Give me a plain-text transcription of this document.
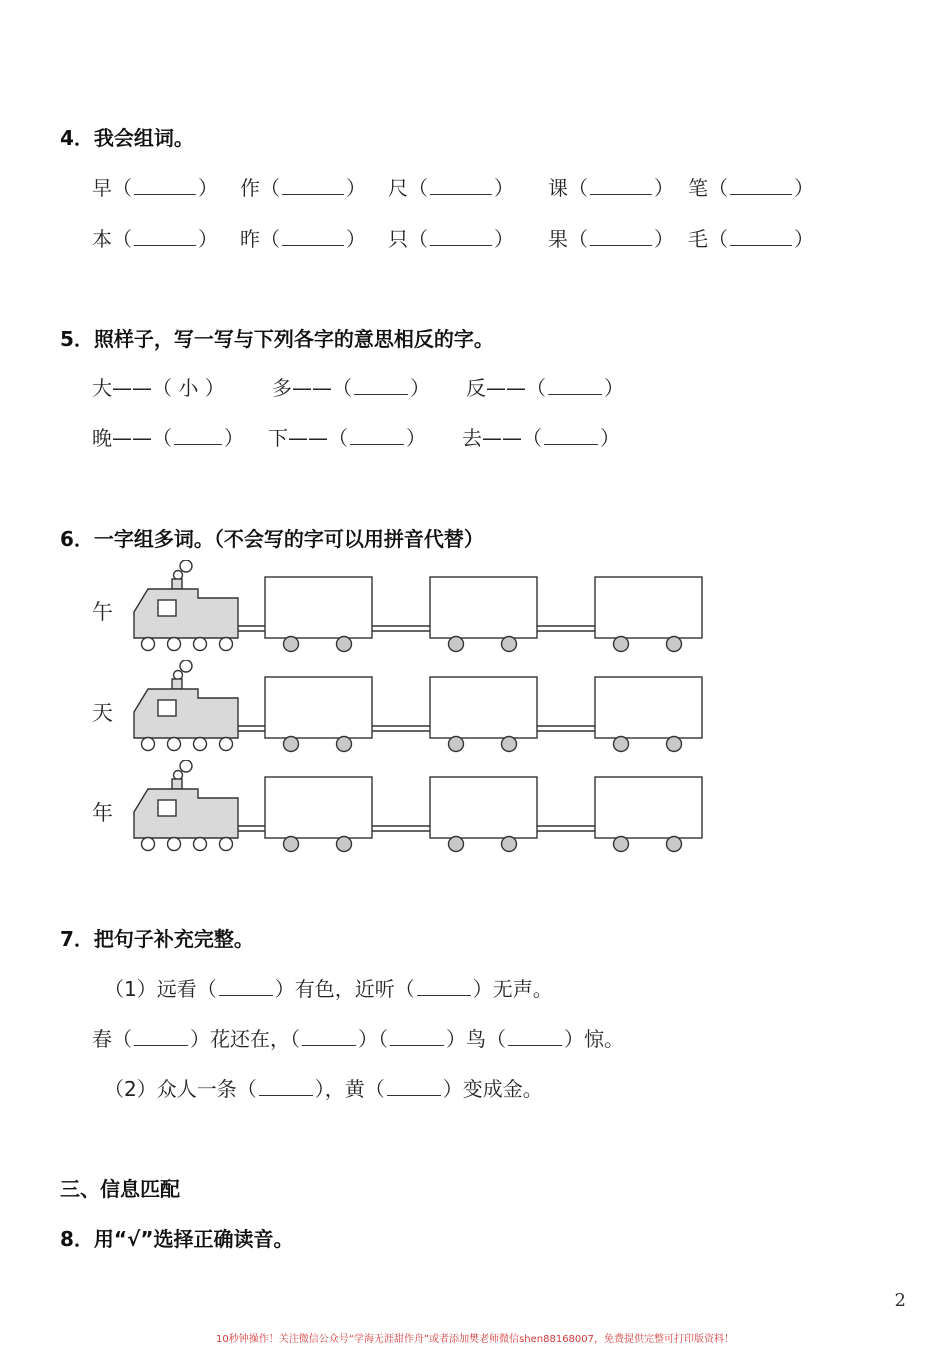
4．我会组词。
早（	） 作（	） 尺（	） 课（	） 笔（	）
本（	） 昨（	） 只（	） 果（	） 毛（	）
5．照样子，写一写与下列各字的意思相反的字。
大——（ 小 ） 多——（	） 反——（	）
晚——（	） 下——（	） 去——（	）
6．一字组多词。（不会写的字可以用拼音代替）
午
天
年
7．把句子补充完整。
（1）远看（	）有色，近听（	）无声。
春（	）花还在，（	）（	）鸟（	）惊。
（2）众人一条（	），黄（	）变成金。
三、信息匹配
8．用“√”选择正确读音。
2
10秒钟操作！关注微信公众号“学海无涯甜作舟”或者添加樊老师微信shen88168007，免费提供完整可打印版资料！
